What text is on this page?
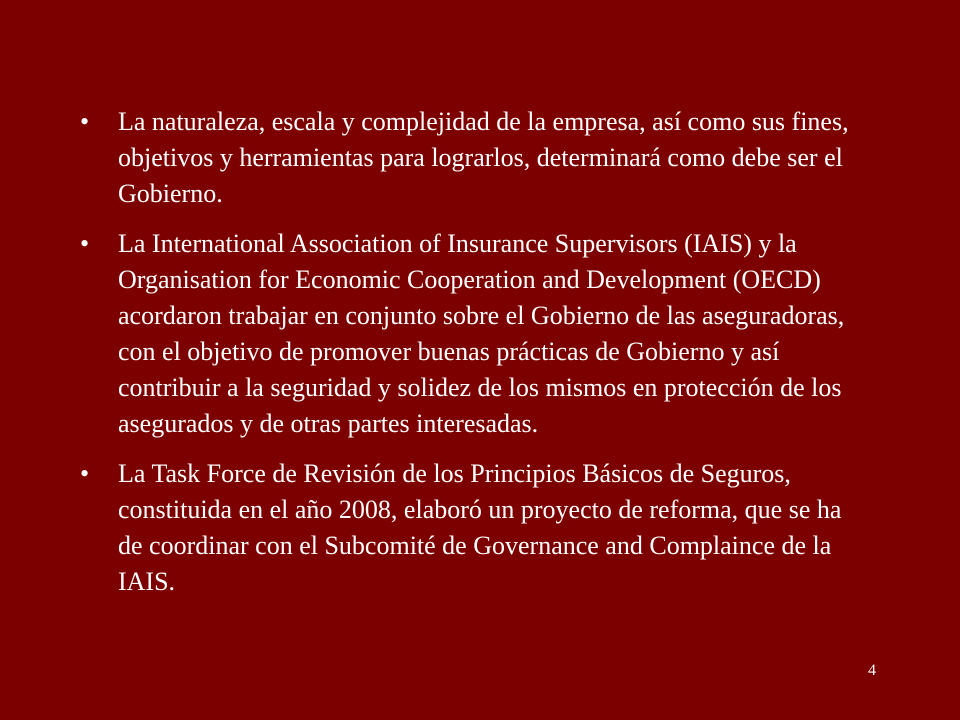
• La naturaleza, escala y complejidad de la empresa, así como sus fines, objetivos y herramientas para lograrlos, determinará como debe ser el Gobierno.
• La International Association of Insurance Supervisors (IAIS) y la Organisation for Economic Cooperation and Development (OECD) acordaron trabajar en conjunto sobre el Gobierno de las aseguradoras, con el objetivo de promover buenas prácticas de Gobierno y así contribuir a la seguridad y solidez de los mismos en protección de los asegurados y de otras partes interesadas.
• La Task Force de Revisión de los Principios Básicos de Seguros, constituida en el año 2008, elaboró un proyecto de reforma, que se ha de coordinar con el Subcomité de Governance and Complaince de la IAIS.
4
